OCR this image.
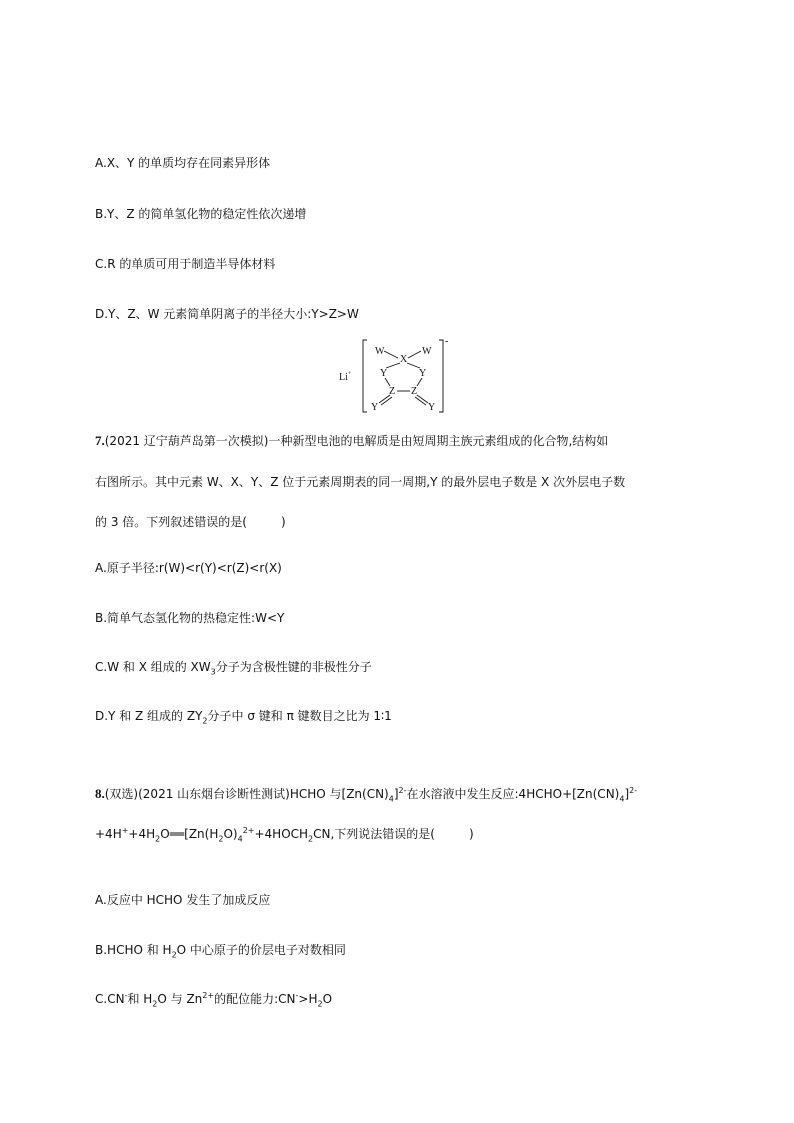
A.X、Y 的单质均存在同素异形体
B.Y、Z 的简单氢化物的稳定性依次递增
C.R 的单质可用于制造半导体材料
D.Y、Z、W 元素简单阴离子的半径大小:Y>Z>W
Li+
-
W
X
W
Y	Y
Z Z
Y	Y
7.(2021 辽宁葫芦岛第一次模拟)一种新型电池的电解质是由短周期主族元素组成的化合物,结构如
右图所示。其中元素 W、X、Y、Z 位于元素周期表的同一周期,Y 的最外层电子数是 X 次外层电子数
的 3 倍。下列叙述错误的是(	)
A.原子半径:r(W)<r(Y)<r(Z)<r(X)
B.简单气态氢化物的热稳定性:W<Y
C.W 和 X 组成的 $XW_3$分子为含极性键的非极性分子
D.Y 和 Z 组成的 $ZY_2$分子中 σ 键和 π 键数目之比为 1∶1
8.(双选)(2021 山东烟台诊断性测试)HCHO 与$[Zn(CN)_4]^{2-}$在水溶液中发生反应$:4HCHO+[Zn(CN)_4]^{2-}$
$+4H^++4H_2O══[Zn(H_2O)_4^{2+}+4HOCH_2CN$,下列说法错误的是(	)
A.反应中 HCHO 发生了加成反应
B.HCHO 和 $H_2O$ 中心原子的价层电子对数相同
C.CN-和 $H_2O$ 与 $Zn^{2+}$的配位能力$:CN^->H_2O$
